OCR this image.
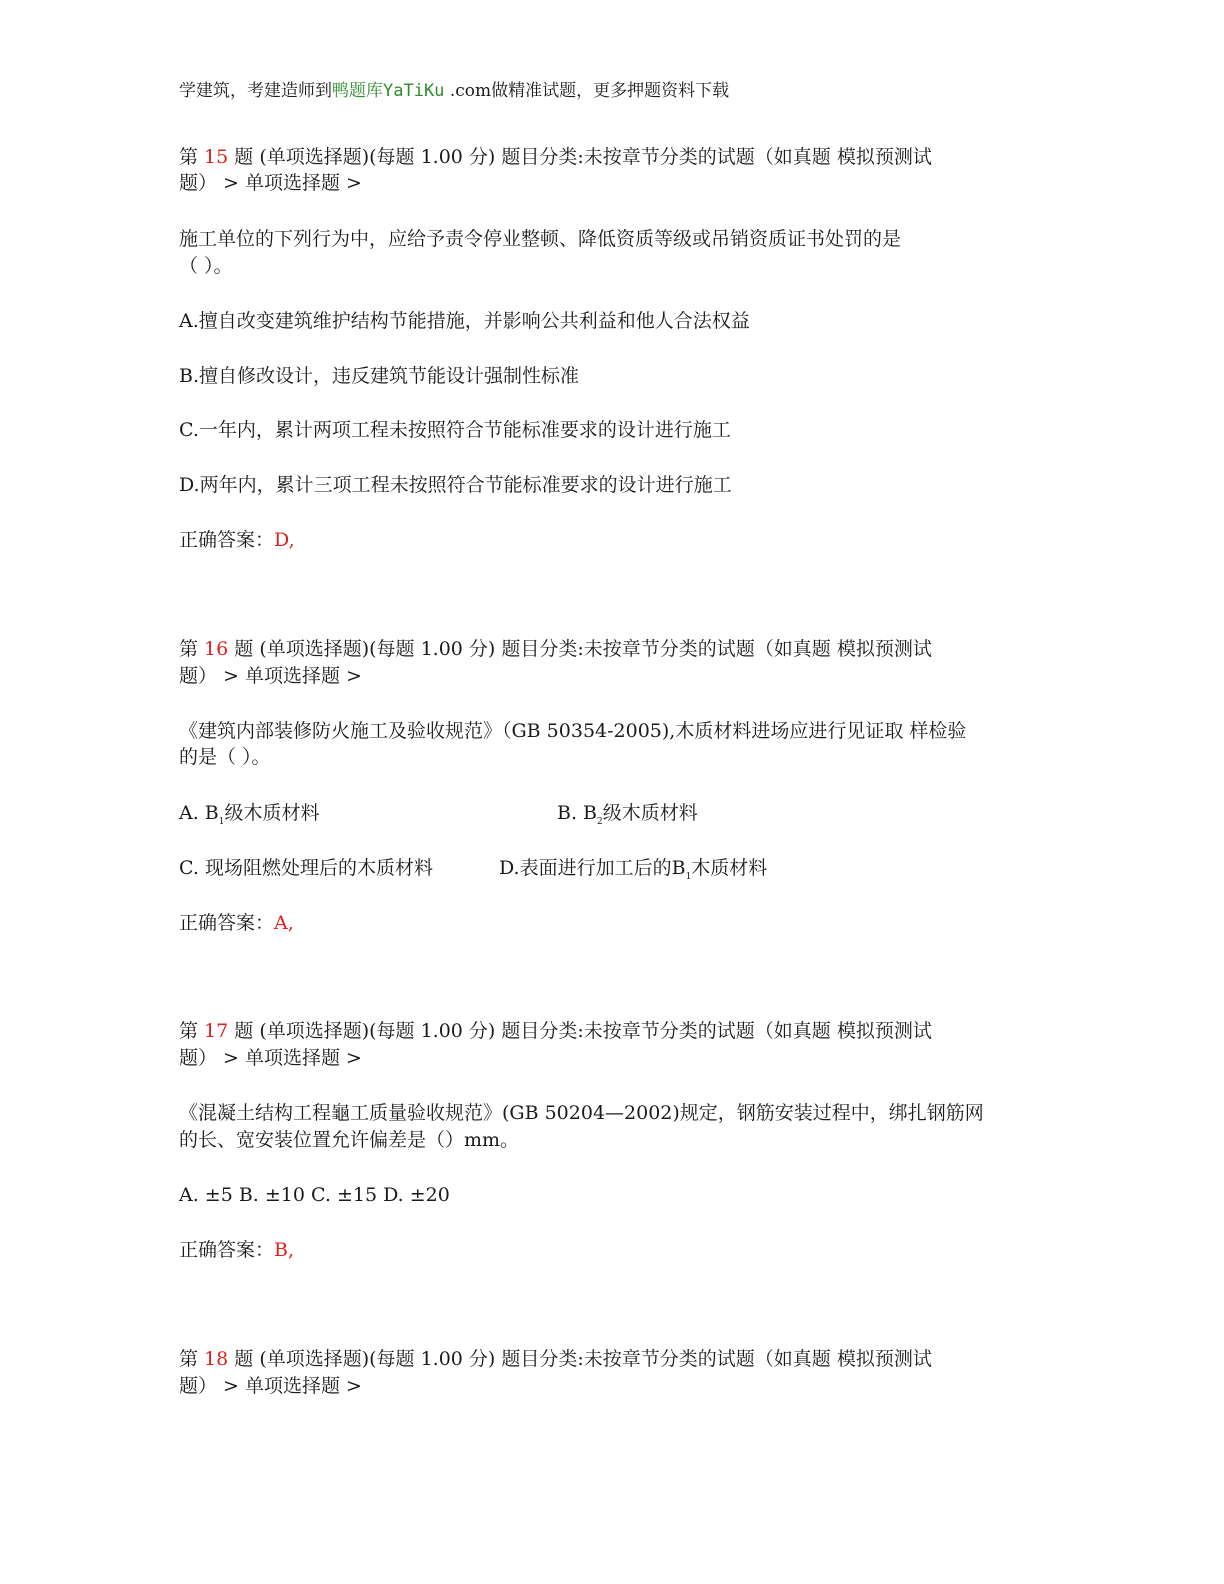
学建筑，考建造师到鸭题库YaTiKu .com做精准试题，更多押题资料下载
第 15 题 (单项选择题)(每题 1.00 分) 题目分类:未按章节分类的试题（如真题 模拟预测试
题） > 单项选择题 >
施工单位的下列行为中，应给予责令停业整顿、降低资质等级或吊销资质证书处罚的是
（ ）。
A.擅自改变建筑维护结构节能措施，并影响公共利益和他人合法权益
B.擅自修改设计，违反建筑节能设计强制性标准
C.一年内，累计两项工程未按照符合节能标准要求的设计进行施工
D.两年内，累计三项工程未按照符合节能标准要求的设计进行施工
正确答案：D,
第 16 题 (单项选择题)(每题 1.00 分) 题目分类:未按章节分类的试题（如真题 模拟预测试
题） > 单项选择题 >
《建筑内部装修防火施工及验收规范》（GB 50354-2005),木质材料进场应进行见证取 样检验
的是（ ）。
A. $B_1$级木质材料	B. $B_2$级木质材料
C. 现场阻燃处理后的木质材料	D.表面进行加工后的$B_1$木质材料
正确答案：A,
第 17 题 (单项选择题)(每题 1.00 分) 题目分类:未按章节分类的试题（如真题 模拟预测试
题） > 单项选择题 >
《混凝土结构工程龜工质量验收规范》(GB 50204—2002)规定，钢筋安装过程中，绑扎钢筋网
的长、宽安装位置允许偏差是（）mm。
A. ±5 B. ±10 C. ±15 D. ±20
正确答案：B,
第 18 题 (单项选择题)(每题 1.00 分) 题目分类:未按章节分类的试题（如真题 模拟预测试
题） > 单项选择题 >
